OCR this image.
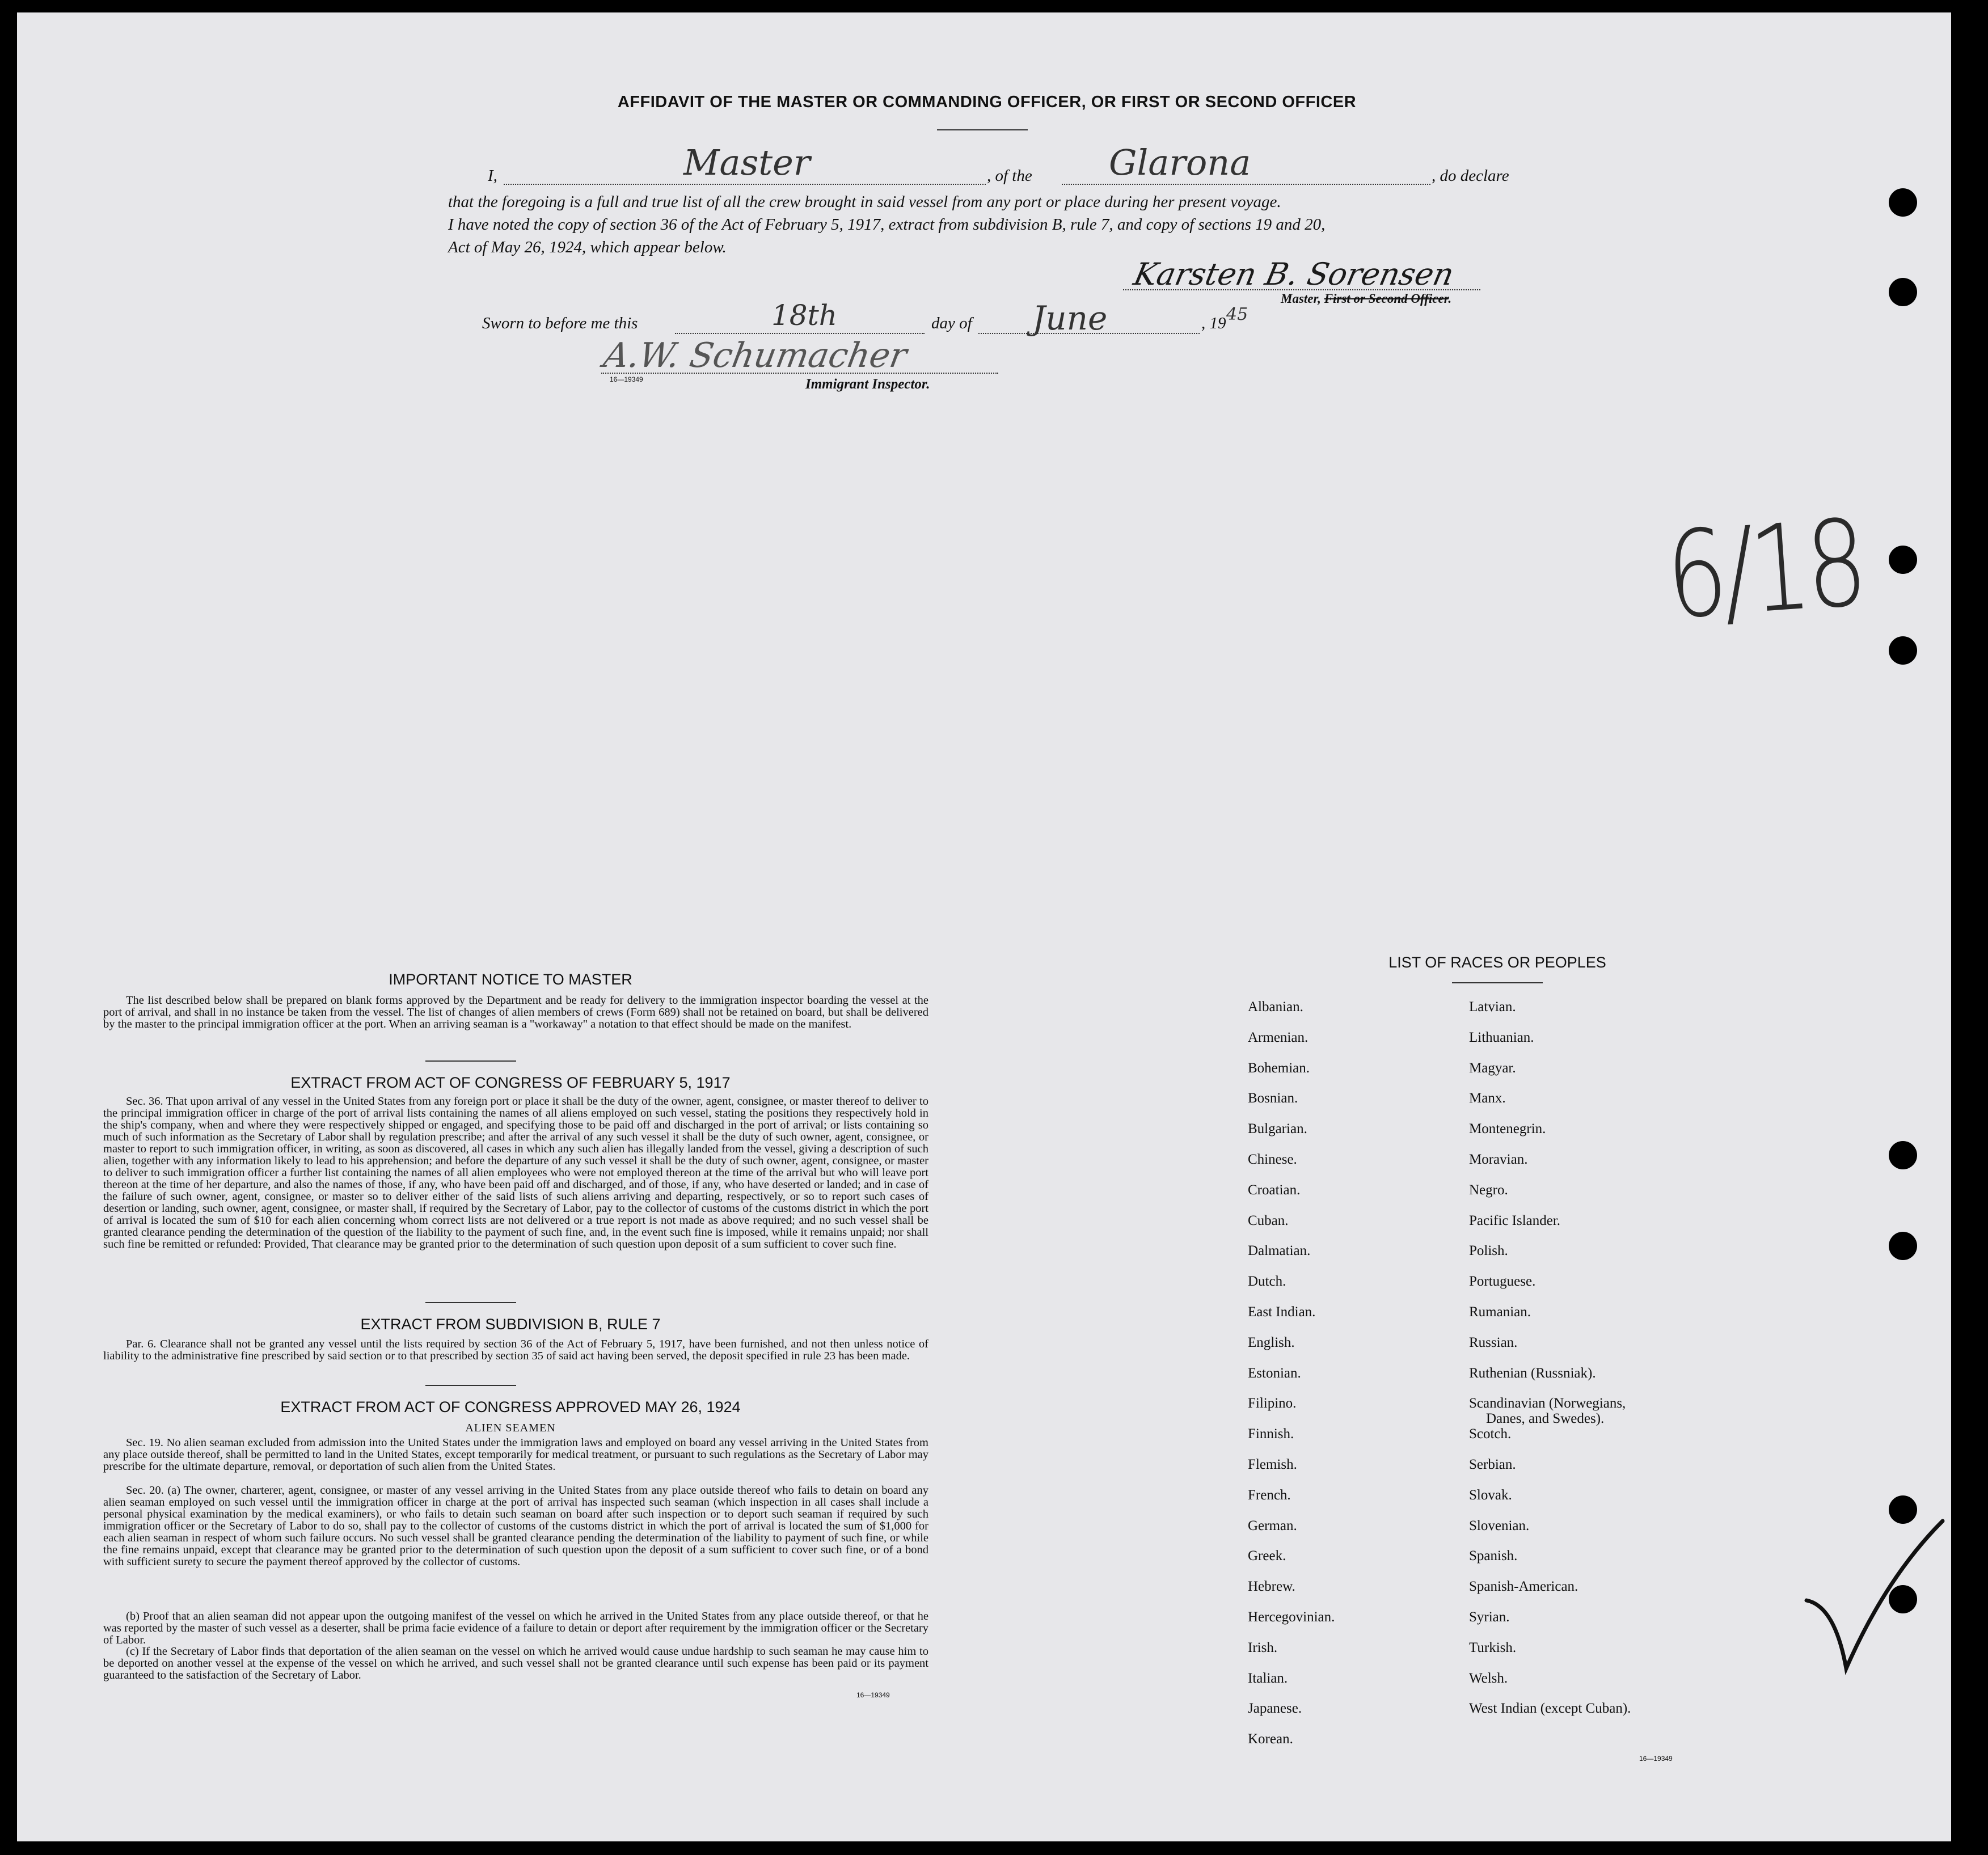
AFFIDAVIT OF THE MASTER OR COMMANDING OFFICER, OR FIRST OR SECOND OFFICER
I,	Master	, of the Glarona	, do declare
that the foregoing is a full and true list of all the crew brought in said vessel from any port or place during her present voyage.
I have noted the copy of section 36 of the Act of February 5, 1917, extract from subdivision B, rule 7, and copy of sections 19 and 20,
Act of May 26, 1924, which appear below.
Karsten B. Sorensen
Master, First or Second Officer.
Sworn to before me this	18th	day of June	, 19 45
A.W. Schumacher
16—19349	Immigrant Inspector.
6/18
IMPORTANT NOTICE TO MASTER
The list described below shall be prepared on blank forms approved by the Department and be ready for delivery to the immigration inspector boarding the vessel at the port of arrival, and shall in no instance be taken from the vessel. The list of changes of alien members of crews (Form 689) shall not be retained on board, but shall be delivered by the master to the principal immigration officer at the port. When an arriving seaman is a "workaway" a notation to that effect should be made on the manifest.
EXTRACT FROM ACT OF CONGRESS OF FEBRUARY 5, 1917
Sec. 36. That upon arrival of any vessel in the United States from any foreign port or place it shall be the duty of the owner, agent, consignee, or master thereof to deliver to the principal immigration officer in charge of the port of arrival lists containing the names of all aliens employed on such vessel, stating the positions they respectively hold in the ship's company, when and where they were respectively shipped or engaged, and specifying those to be paid off and discharged in the port of arrival; or lists containing so much of such information as the Secretary of Labor shall by regulation prescribe; and after the arrival of any such vessel it shall be the duty of such owner, agent, consignee, or master to report to such immigration officer, in writing, as soon as discovered, all cases in which any such alien has illegally landed from the vessel, giving a description of such alien, together with any information likely to lead to his apprehension; and before the departure of any such vessel it shall be the duty of such owner, agent, consignee, or master to deliver to such immigration officer a further list containing the names of all alien employees who were not employed thereon at the time of the arrival but who will leave port thereon at the time of her departure, and also the names of those, if any, who have been paid off and discharged, and of those, if any, who have deserted or landed; and in case of the failure of such owner, agent, consignee, or master so to deliver either of the said lists of such aliens arriving and departing, respectively, or so to report such cases of desertion or landing, such owner, agent, consignee, or master shall, if required by the Secretary of Labor, pay to the collector of customs of the customs district in which the port of arrival is located the sum of $10 for each alien concerning whom correct lists are not delivered or a true report is not made as above required; and no such vessel shall be granted clearance pending the determination of the question of the liability to the payment of such fine, and, in the event such fine is imposed, while it remains unpaid; nor shall such fine be remitted or refunded: Provided, That clearance may be granted prior to the determination of such question upon deposit of a sum sufficient to cover such fine.
EXTRACT FROM SUBDIVISION B, RULE 7
Par. 6. Clearance shall not be granted any vessel until the lists required by section 36 of the Act of February 5, 1917, have been furnished, and not then unless notice of liability to the administrative fine prescribed by said section or to that prescribed by section 35 of said act having been served, the deposit specified in rule 23 has been made.
EXTRACT FROM ACT OF CONGRESS APPROVED MAY 26, 1924
ALIEN SEAMEN
Sec. 19. No alien seaman excluded from admission into the United States under the immigration laws and employed on board any vessel arriving in the United States from any place outside thereof, shall be permitted to land in the United States, except temporarily for medical treatment, or pursuant to such regulations as the Secretary of Labor may prescribe for the ultimate departure, removal, or deportation of such alien from the United States.
Sec. 20. (a) The owner, charterer, agent, consignee, or master of any vessel arriving in the United States from any place outside thereof who fails to detain on board any alien seaman employed on such vessel until the immigration officer in charge at the port of arrival has inspected such seaman (which inspection in all cases shall include a personal physical examination by the medical examiners), or who fails to detain such seaman on board after such inspection or to deport such seaman if required by such immigration officer or the Secretary of Labor to do so, shall pay to the collector of customs of the customs district in which the port of arrival is located the sum of $1,000 for each alien seaman in respect of whom such failure occurs. No such vessel shall be granted clearance pending the determination of the liability to payment of such fine, or while the fine remains unpaid, except that clearance may be granted prior to the determination of such question upon the deposit of a sum sufficient to cover such fine, or of a bond with sufficient surety to secure the payment thereof approved by the collector of customs.
(b) Proof that an alien seaman did not appear upon the outgoing manifest of the vessel on which he arrived in the United States from any place outside thereof, or that he was reported by the master of such vessel as a deserter, shall be prima facie evidence of a failure to detain or deport after requirement by the immigration officer or the Secretary of Labor.
(c) If the Secretary of Labor finds that deportation of the alien seaman on the vessel on which he arrived would cause undue hardship to such seaman he may cause him to be deported on another vessel at the expense of the vessel on which he arrived, and such vessel shall not be granted clearance until such expense has been paid or its payment guaranteed to the satisfaction of the Secretary of Labor.
16—19349
LIST OF RACES OR PEOPLES
Albanian.
Armenian.
Bohemian.
Bosnian.
Bulgarian.
Chinese.
Croatian.
Cuban.
Dalmatian.
Dutch.
East Indian.
English.
Estonian.
Filipino.
Finnish.
Flemish.
French.
German.
Greek.
Hebrew.
Hercegovinian.
Irish.
Italian.
Japanese.
Korean.
Latvian.
Lithuanian.
Magyar.
Manx.
Montenegrin.
Moravian.
Negro.
Pacific Islander.
Polish.
Portuguese.
Rumanian.
Russian.
Ruthenian (Russniak).
Scandinavian (Norwegians,
Danes, and Swedes).
Scotch.
Serbian.
Slovak.
Slovenian.
Spanish.
Spanish-American.
Syrian.
Turkish.
Welsh.
West Indian (except Cuban).
16—19349
